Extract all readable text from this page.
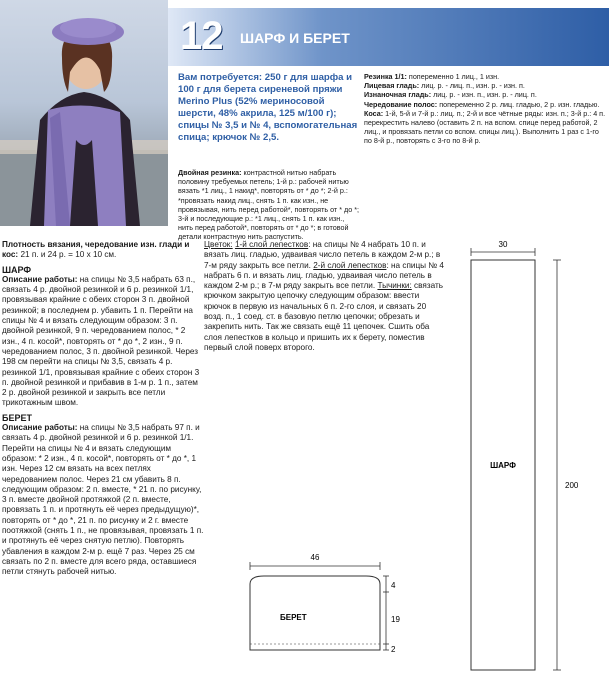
12 ШАРФ И БЕРЕТ

Вам потребуется: 250 г для шарфа и 100 г для берета сиреневой пряжи Merino Plus (52% мериносовой шерсти, 48% акрила, 125 м/100 г); спицы № 3,5 и № 4, вспомогательная спица; крючок № 2,5.

Двойная резинка: контрастной нитью набрать половину требуемых петель; 1-й р.: рабочей нитью вязать *1 лиц., 1 накид*, повторять от * до *; 2-й р.: *провязать накид лиц., снять 1 п. как изн., не провязывая, нить перед работой*, повторять от * до *; 3-й и последующие р.: *1 лиц., снять 1 п. как изн., нить перед работой*, повторять от * до *; в готовой детали контрастную нить распустить.

Резинка 1/1: попеременно 1 лиц., 1 изн.

Лицевая гладь: лиц. р. - лиц. п., изн. р. - изн. п.

Изнаночная гладь: лиц. р. - изн. п., изн. р. - лиц. п.

Чередование полос: попеременно 2 р. лиц. гладью, 2 р. изн. гладью.

Коса: 1-й, 5-й и 7-й р.: лиц. п.; 2-й и все чётные ряды: изн. п.; 3-й р.: 4 п. перекрестить налево (оставить 2 п. на вспом. спице перед работой, 2 лиц., и провязать петли со вспом. спицы лиц.). Выполнить 1 раз с 1-го по 8-й р., повторять с 3-го по 8-й р.

Плотность вязания, чередование изн. глади и кос: 21 п. и 24 р. = 10 х 10 см.

ШАРФ

Описание работы: на спицы № 3,5 набрать 63 п., связать 4 р. двойной резинкой и 6 р. резинкой 1/1, провязывая крайние с обеих сторон 3 п. двойной резинкой; в последнем р. убавить 1 п. Перейти на спицы № 4 и вязать следующим образом: 3 п. двойной резинкой, 9 п. чередованием полос, * 2 изн., 4 п. косой*, повторять от * до *, 2 изн., 9 п. чередованием полос, 3 п. двойной резинкой. Через 198 см перейти на спицы № 3,5, связать 4 р. резинкой 1/1, провязывая крайние с обеих сторон 3 п. двойной резинкой и прибавив в 1-м р. 1 п., затем 2 р. двойной резинкой и закрыть все петли трикотажным швом.

БЕРЕТ

Описание работы: на спицы № 3,5 набрать 97 п. и связать 4 р. двойной резинкой и 6 р. резинкой 1/1. Перейти на спицы № 4 и вязать следующим образом: * 2 изн., 4 п. косой*, повторять от * до *, 1 изн. Через 12 см вязать на всех петлях чередованием полос. Через 21 см убавить 8 п. следующим образом: 2 п. вместе, * 21 п. по рисунку, 3 п. вместе двойной протяжкой (2 п. вместе, провязать 1 п. и протянуть её через предыдущую)*, повторять от * до *, 21 п. по рисунку и 2 г. вместе поотяжкой (снять 1 п., не провязывая, провязать 1 п. и протянуть её через снятую петлю). Повторять убавления в каждом 2-м р. ещё 7 раз. Через 25 см связать по 2 п. вместе для всего ряда, оставшиеся петли стянуть рабочей нитью.

Цветок: 1-й слой лепестков: на спицы № 4 набрать 10 п. и вязать лиц. гладью, удваивая число петель в каждом 2-м р.; в 7-м ряду закрыть все петли. 2-й слой лепестков: на спицы № 4 набрать 6 п. и вязать лиц. гладью, удваивая число петель в каждом 2-м р.; в 7-м ряду закрыть все петли. Тычинки: связать крючком закрытую цепочку следующим образом: ввести крючок в первую из начальных 6 п. 2-го слоя, и связать 20 возд. п., 1 соед. ст. в базовую петлю цепочки; обрезать и закрепить нить. Так же связать ещё 11 цепочек. Сшить оба слоя лепестков в кольцо и пришить их к берету, поместив первый слой поверх второго.

30
ШАРФ
200
46
БЕРЕТ
4
19
2
